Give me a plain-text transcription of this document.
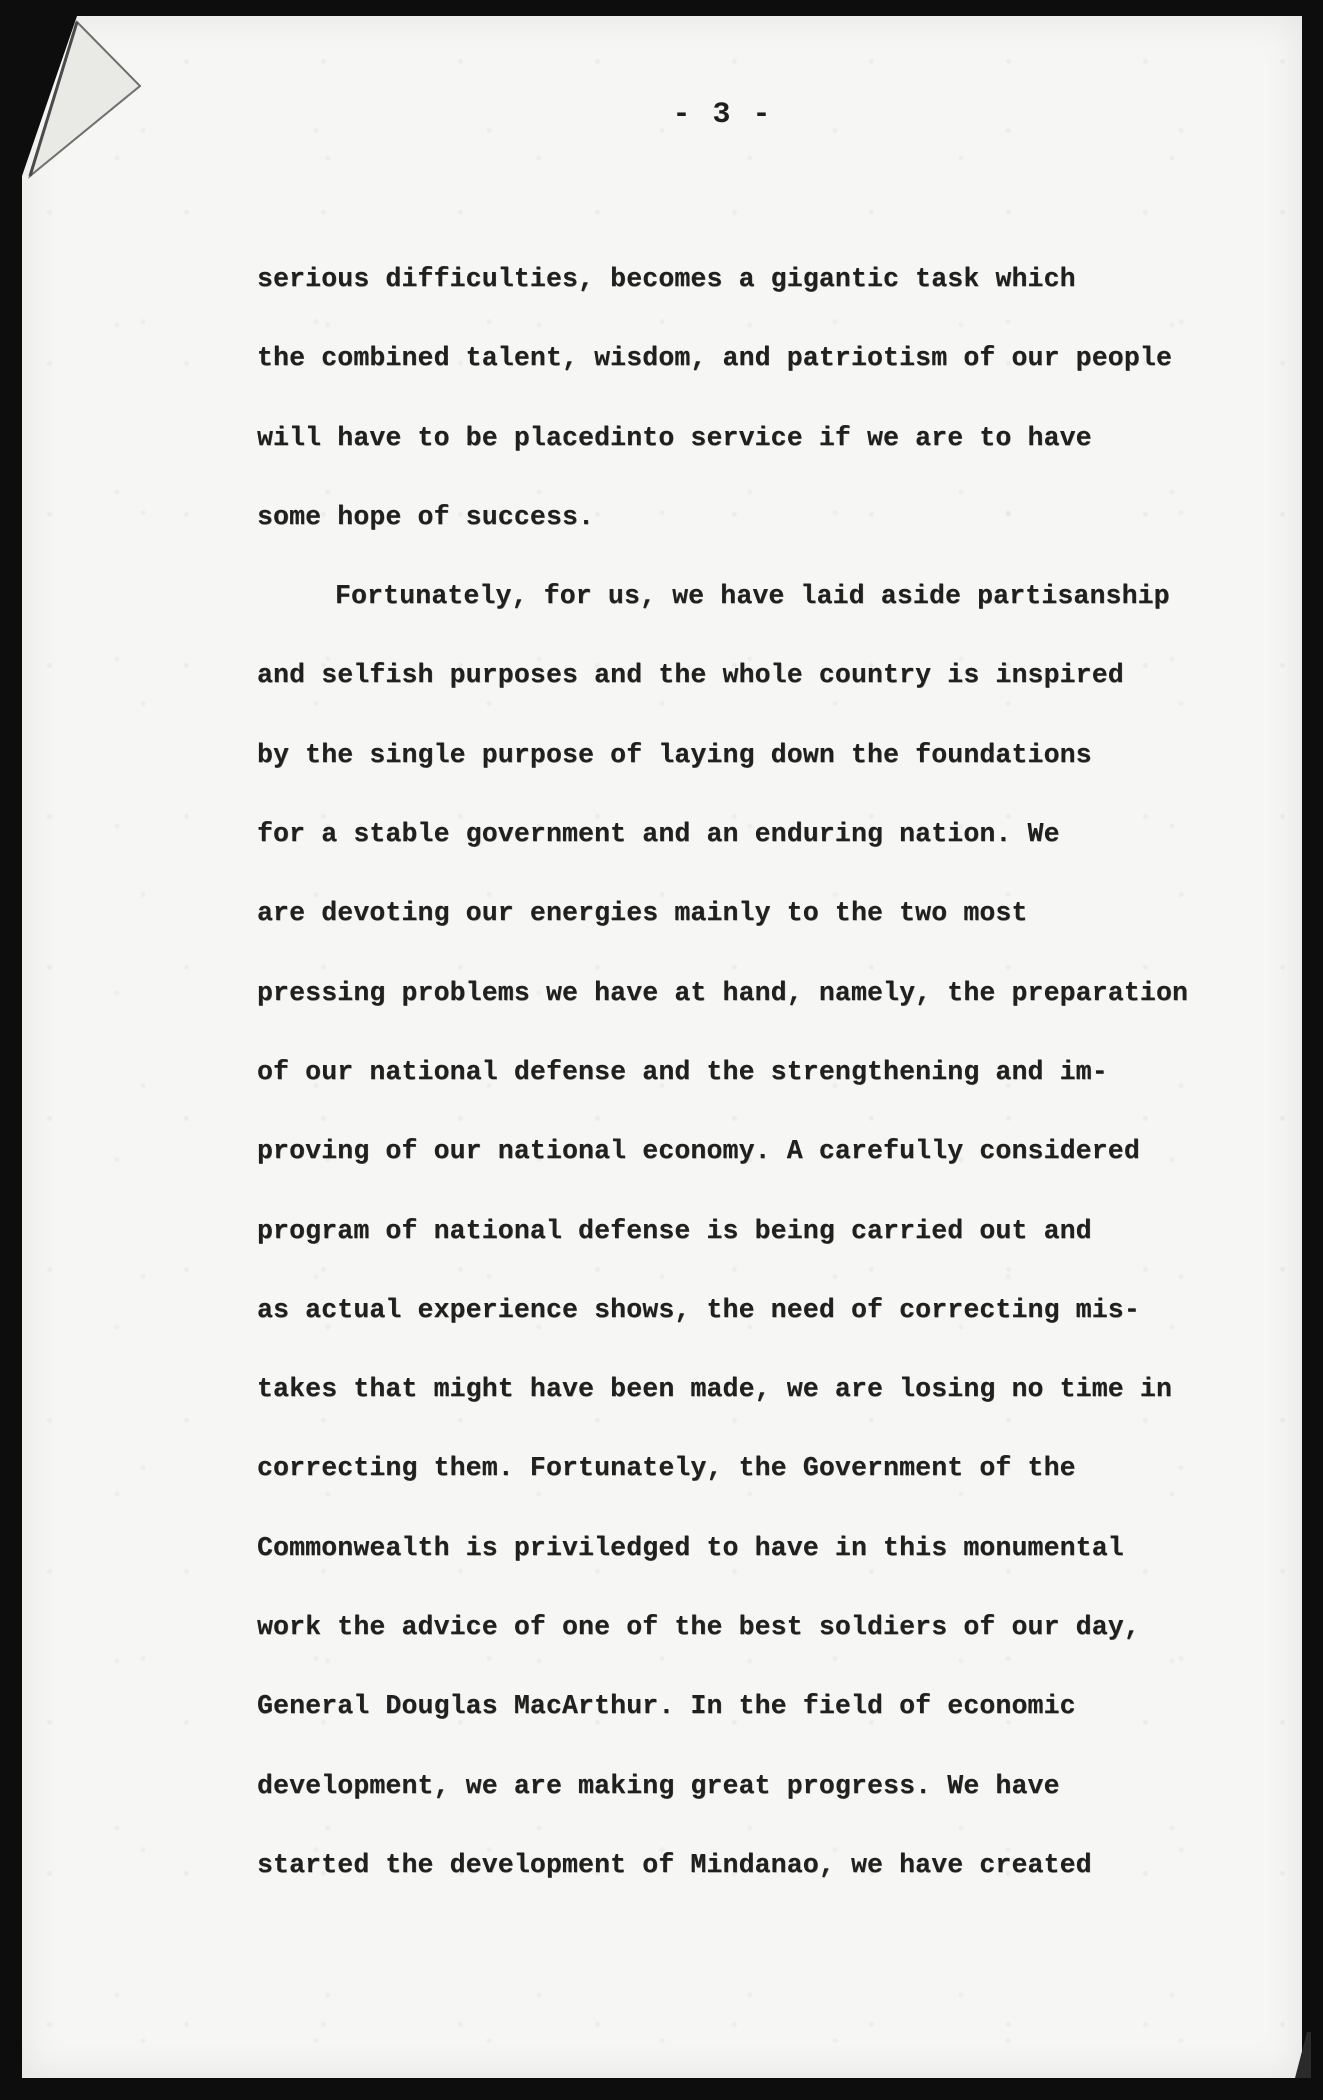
- 3 -
serious difficulties, becomes a gigantic task which
the combined talent, wisdom, and patriotism of our people
will have to be placedinto service if we are to have
some hope of success.
Fortunately, for us, we have laid aside partisanship
and selfish purposes and the whole country is inspired
by the single purpose of laying down the foundations
for a stable government and an enduring nation. We
are devoting our energies mainly to the two most
pressing problems we have at hand, namely, the preparation
of our national defense and the strengthening and im-
proving of our national economy. A carefully considered
program of national defense is being carried out and
as actual experience shows, the need of correcting mis-
takes that might have been made, we are losing no time in
correcting them. Fortunately, the Government of the
Commonwealth is priviledged to have in this monumental
work the advice of one of the best soldiers of our day,
General Douglas MacArthur. In the field of economic
development, we are making great progress. We have
started the development of Mindanao, we have created
